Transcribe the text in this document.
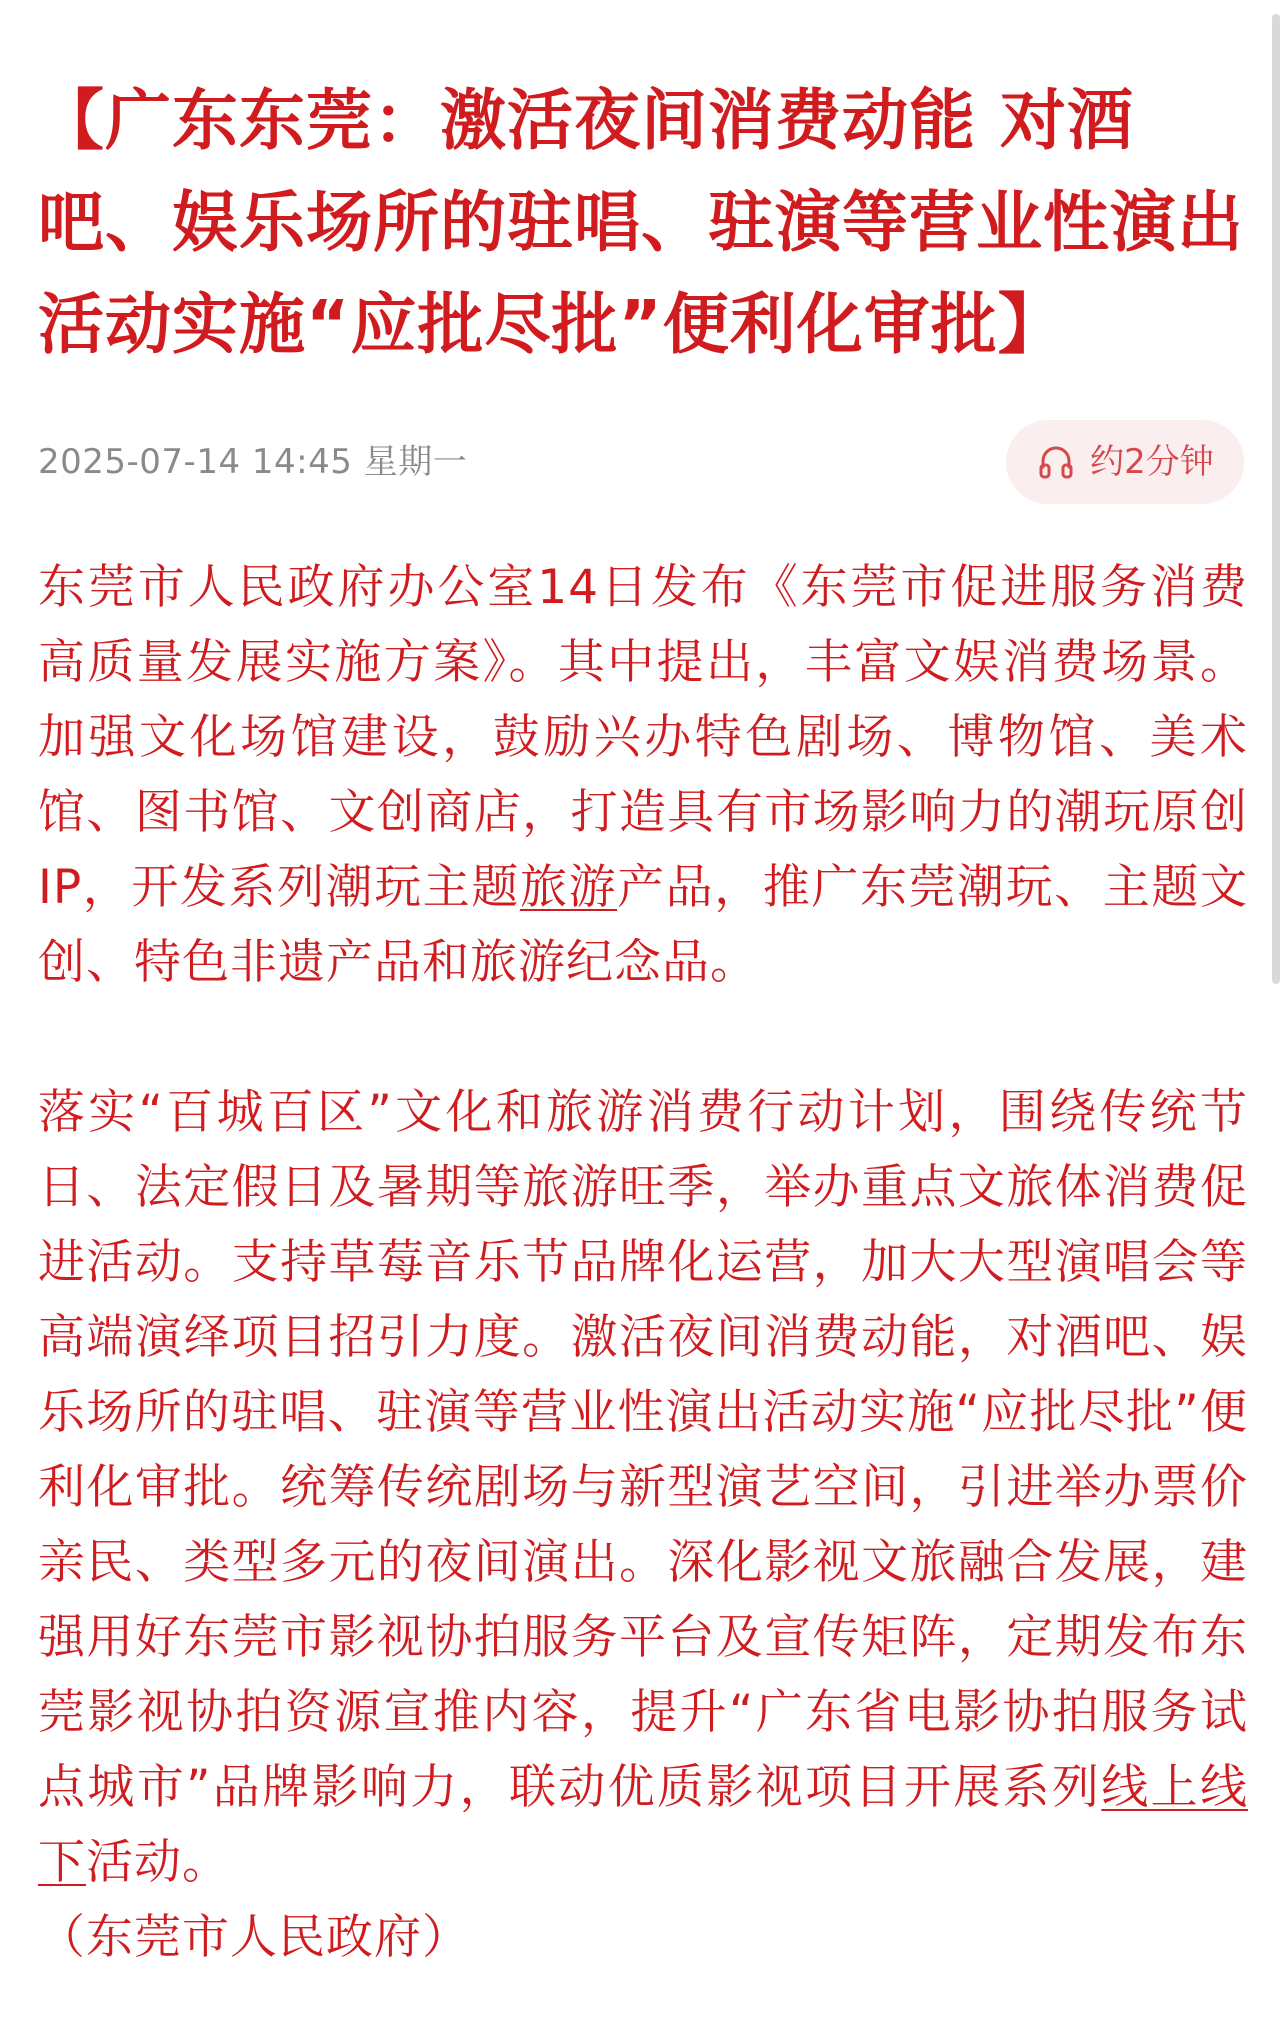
【广东东莞：激活夜间消费动能 对酒吧、娱乐场所的驻唱、驻演等营业性演出活动实施“应批尽批”便利化审批】
2025-07-14 14:45 星期一	约2分钟

东莞市人民政府办公室14日发布《东莞市促进服务消费高质量发展实施方案》。其中提出，丰富文娱消费场景。加强文化场馆建设，鼓励兴办特色剧场、博物馆、美术馆、图书馆、文创商店，打造具有市场影响力的潮玩原创IP，开发系列潮玩主题旅游产品，推广东莞潮玩、主题文创、特色非遗产品和旅游纪念品。

落实“百城百区”文化和旅游消费行动计划，围绕传统节日、法定假日及暑期等旅游旺季，举办重点文旅体消费促进活动。支持草莓音乐节品牌化运营，加大大型演唱会等高端演绎项目招引力度。激活夜间消费动能，对酒吧、娱乐场所的驻唱、驻演等营业性演出活动实施“应批尽批”便利化审批。统筹传统剧场与新型演艺空间，引进举办票价亲民、类型多元的夜间演出。深化影视文旅融合发展，建强用好东莞市影视协拍服务平台及宣传矩阵，定期发布东莞影视协拍资源宣推内容，提升“广东省电影协拍服务试点城市”品牌影响力，联动优质影视项目开展系列线上线下活动。
（东莞市人民政府）
